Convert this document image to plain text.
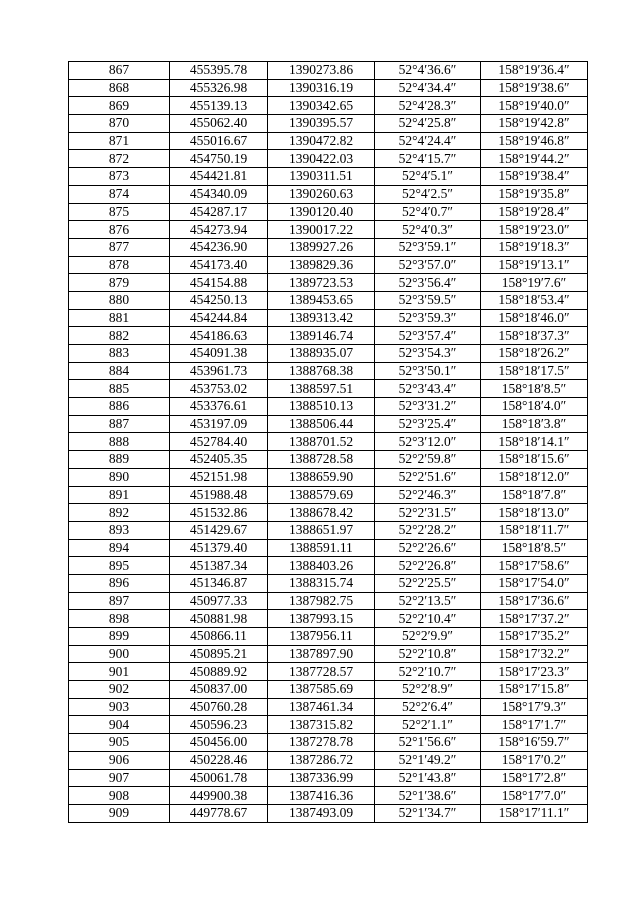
867	455395.78	1390273.86	52°4′36.6″	158°19′36.4″
868	455326.98	1390316.19	52°4′34.4″	158°19′38.6″
869	455139.13	1390342.65	52°4′28.3″	158°19′40.0″
870	455062.40	1390395.57	52°4′25.8″	158°19′42.8″
871	455016.67	1390472.82	52°4′24.4″	158°19′46.8″
872	454750.19	1390422.03	52°4′15.7″	158°19′44.2″
873	454421.81	1390311.51	52°4′5.1″	158°19′38.4″
874	454340.09	1390260.63	52°4′2.5″	158°19′35.8″
875	454287.17	1390120.40	52°4′0.7″	158°19′28.4″
876	454273.94	1390017.22	52°4′0.3″	158°19′23.0″
877	454236.90	1389927.26	52°3′59.1″	158°19′18.3″
878	454173.40	1389829.36	52°3′57.0″	158°19′13.1″
879	454154.88	1389723.53	52°3′56.4″	158°19′7.6″
880	454250.13	1389453.65	52°3′59.5″	158°18′53.4″
881	454244.84	1389313.42	52°3′59.3″	158°18′46.0″
882	454186.63	1389146.74	52°3′57.4″	158°18′37.3″
883	454091.38	1388935.07	52°3′54.3″	158°18′26.2″
884	453961.73	1388768.38	52°3′50.1″	158°18′17.5″
885	453753.02	1388597.51	52°3′43.4″	158°18′8.5″
886	453376.61	1388510.13	52°3′31.2″	158°18′4.0″
887	453197.09	1388506.44	52°3′25.4″	158°18′3.8″
888	452784.40	1388701.52	52°3′12.0″	158°18′14.1″
889	452405.35	1388728.58	52°2′59.8″	158°18′15.6″
890	452151.98	1388659.90	52°2′51.6″	158°18′12.0″
891	451988.48	1388579.69	52°2′46.3″	158°18′7.8″
892	451532.86	1388678.42	52°2′31.5″	158°18′13.0″
893	451429.67	1388651.97	52°2′28.2″	158°18′11.7″
894	451379.40	1388591.11	52°2′26.6″	158°18′8.5″
895	451387.34	1388403.26	52°2′26.8″	158°17′58.6″
896	451346.87	1388315.74	52°2′25.5″	158°17′54.0″
897	450977.33	1387982.75	52°2′13.5″	158°17′36.6″
898	450881.98	1387993.15	52°2′10.4″	158°17′37.2″
899	450866.11	1387956.11	52°2′9.9″	158°17′35.2″
900	450895.21	1387897.90	52°2′10.8″	158°17′32.2″
901	450889.92	1387728.57	52°2′10.7″	158°17′23.3″
902	450837.00	1387585.69	52°2′8.9″	158°17′15.8″
903	450760.28	1387461.34	52°2′6.4″	158°17′9.3″
904	450596.23	1387315.82	52°2′1.1″	158°17′1.7″
905	450456.00	1387278.78	52°1′56.6″	158°16′59.7″
906	450228.46	1387286.72	52°1′49.2″	158°17′0.2″
907	450061.78	1387336.99	52°1′43.8″	158°17′2.8″
908	449900.38	1387416.36	52°1′38.6″	158°17′7.0″
909	449778.67	1387493.09	52°1′34.7″	158°17′11.1″
